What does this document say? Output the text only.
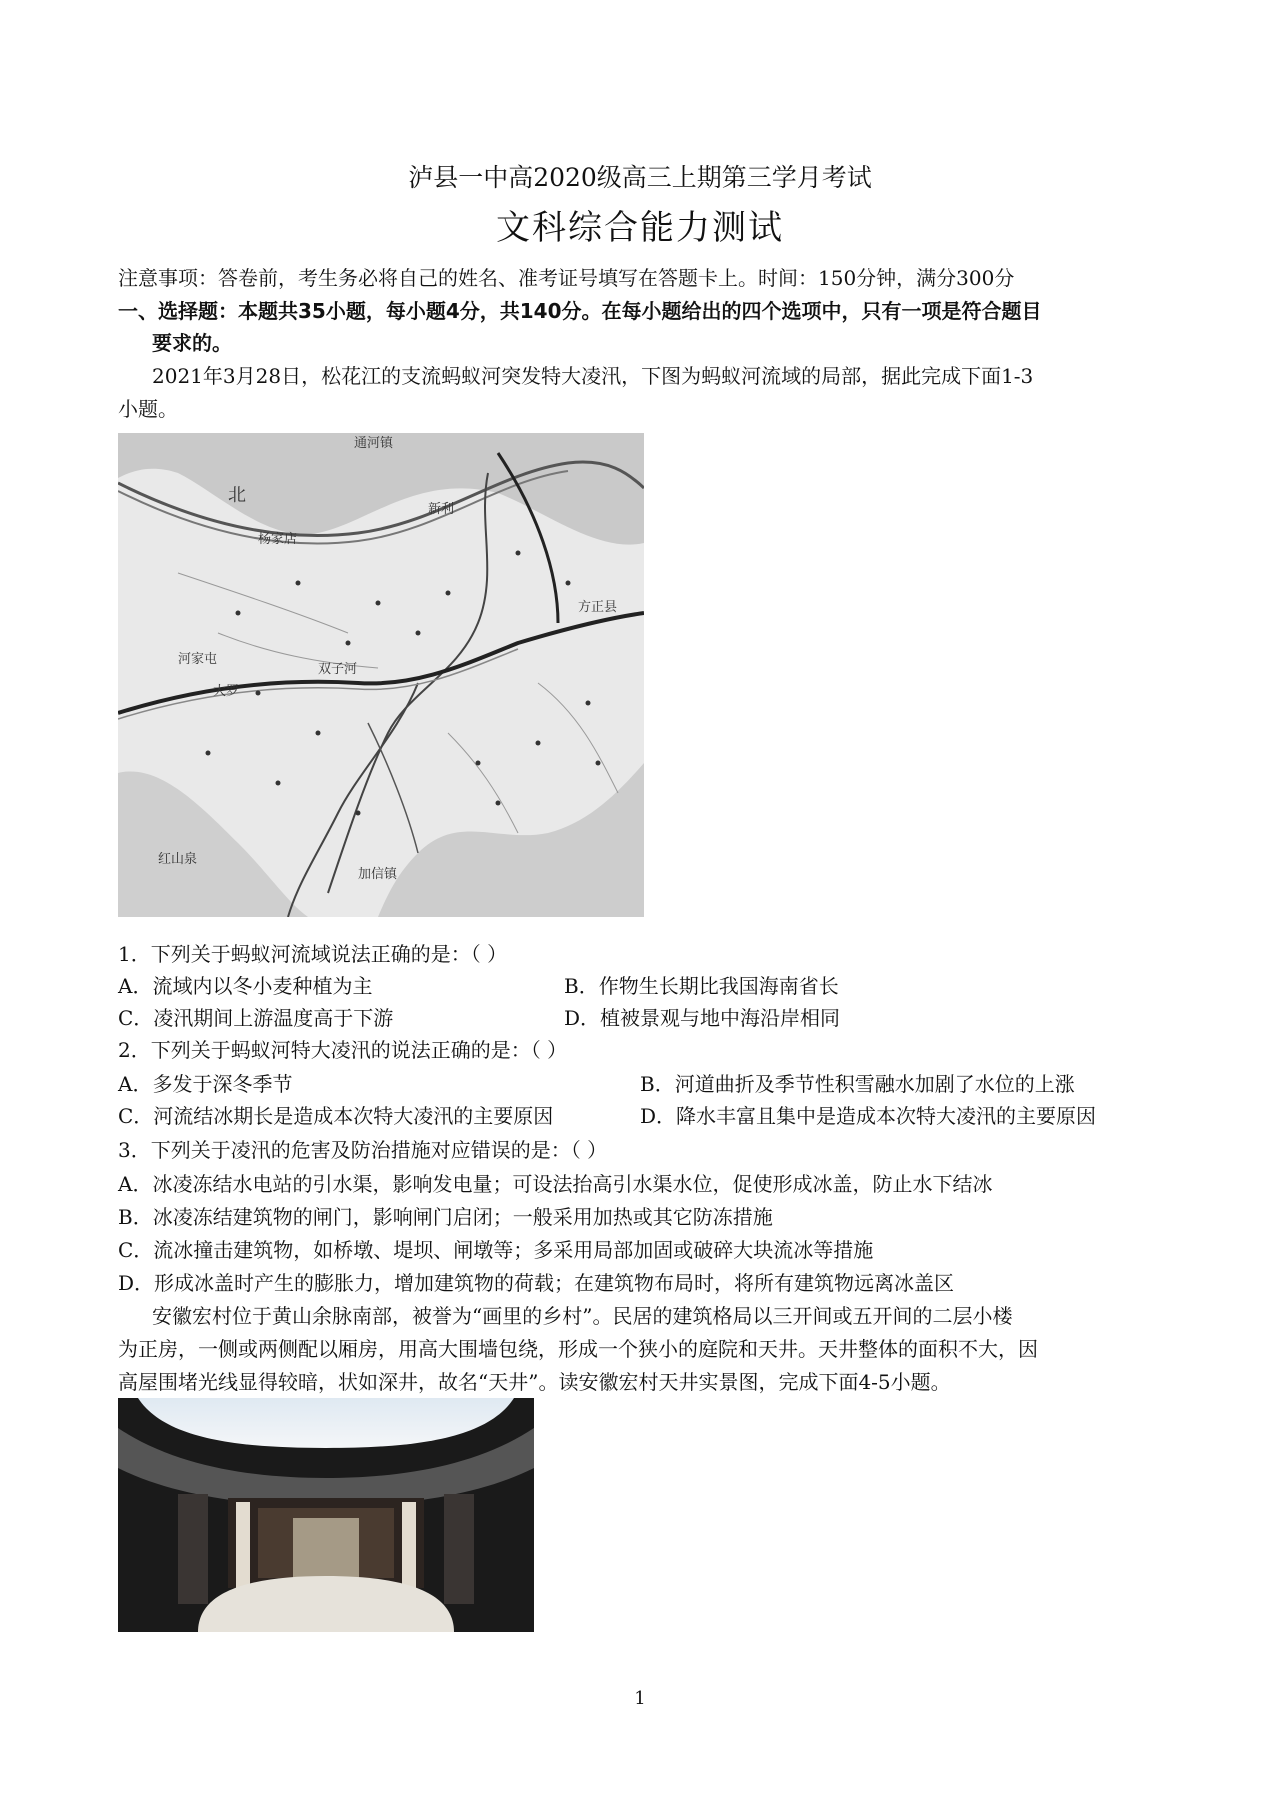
泸县一中高2020级高三上期第三学月考试
文科综合能力测试
注意事项：答卷前，考生务必将自己的姓名、准考证号填写在答题卡上。时间：150分钟，满分300分
一、选择题：本题共35小题，每小题4分，共140分。在每小题给出的四个选项中，只有一项是符合题目
要求的。
2021年3月28日，松花江的支流蚂蚁河突发特大凌汛，下图为蚂蚁河流域的局部，据此完成下面1-3
小题。
通河镇
北
方正县
杨家店
新利
双子河
河家屯
大罗
加信镇
红山泉
1．下列关于蚂蚁河流域说法正确的是：（ ）
A．流域内以冬小麦种植为主	B．作物生长期比我国海南省长
C．凌汛期间上游温度高于下游	D．植被景观与地中海沿岸相同
2．下列关于蚂蚁河特大凌汛的说法正确的是：（ ）
A．多发于深冬季节	B．河道曲折及季节性积雪融水加剧了水位的上涨
C．河流结冰期长是造成本次特大凌汛的主要原因	D．降水丰富且集中是造成本次特大凌汛的主要原因
3．下列关于凌汛的危害及防治措施对应错误的是：（ ）
A．冰凌冻结水电站的引水渠，影响发电量；可设法抬高引水渠水位，促使形成冰盖，防止水下结冰
B．冰凌冻结建筑物的闸门，影响闸门启闭；一般采用加热或其它防冻措施
C．流冰撞击建筑物，如桥墩、堤坝、闸墩等；多采用局部加固或破碎大块流冰等措施
D．形成冰盖时产生的膨胀力，增加建筑物的荷载；在建筑物布局时，将所有建筑物远离冰盖区
安徽宏村位于黄山余脉南部，被誉为“画里的乡村”。民居的建筑格局以三开间或五开间的二层小楼
为正房，一侧或两侧配以厢房，用高大围墙包绕，形成一个狭小的庭院和天井。天井整体的面积不大，因
高屋围堵光线显得较暗，状如深井，故名“天井”。读安徽宏村天井实景图，完成下面4-5小题。
1
